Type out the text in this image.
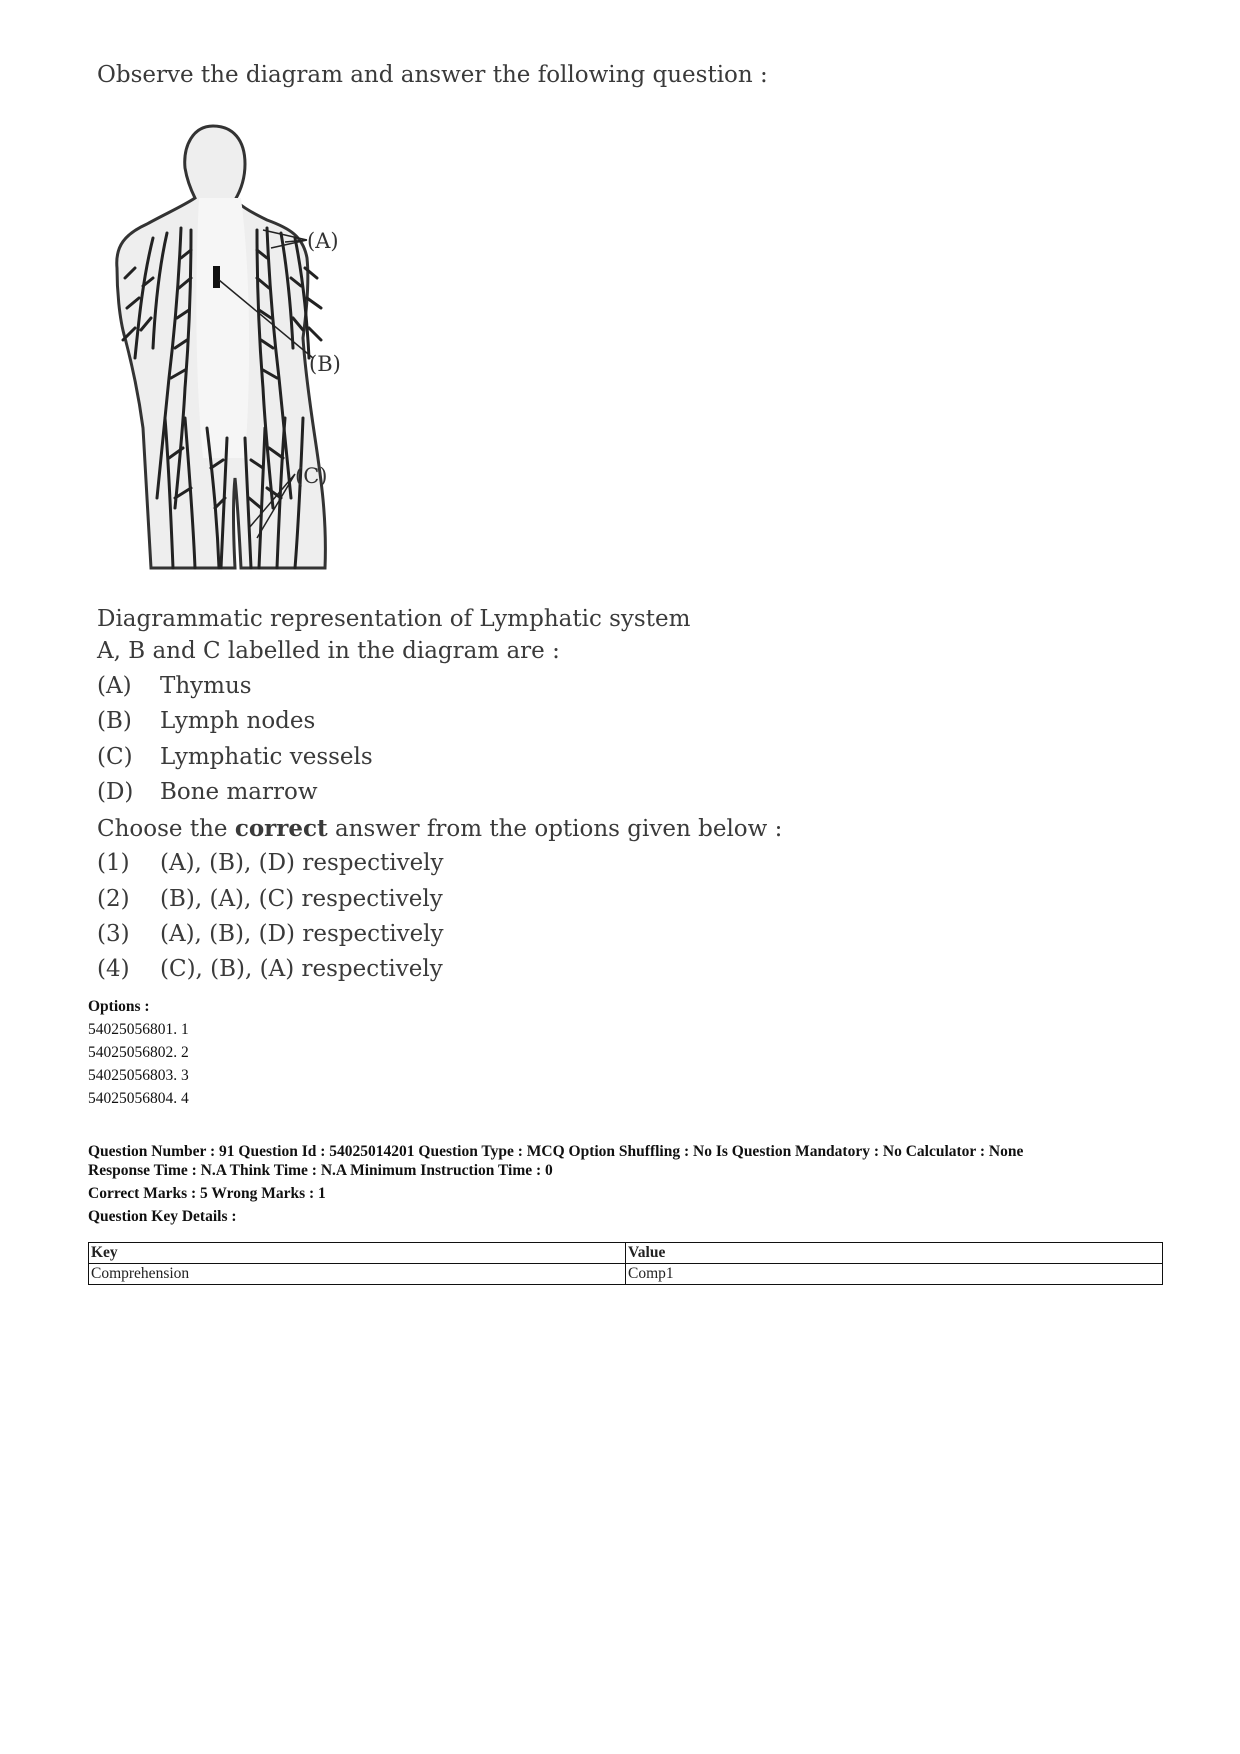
Observe the diagram and answer the following question :
(A)
(B)
(C)
Diagrammatic representation of Lymphatic system
A, B and C labelled in the diagram are :
(A) Thymus
(B) Lymph nodes
(C) Lymphatic vessels
(D) Bone marrow
Choose the correct answer from the options given below :
(1) (A), (B), (D) respectively
(2) (B), (A), (C) respectively
(3) (A), (B), (D) respectively
(4) (C), (B), (A) respectively
Options :
54025056801. 1
54025056802. 2
54025056803. 3
54025056804. 4
Question Number : 91 Question Id : 54025014201 Question Type : MCQ Option Shuffling : No Is Question Mandatory : No Calculator : None
Response Time : N.A Think Time : N.A Minimum Instruction Time : 0
Correct Marks : 5 Wrong Marks : 1
Question Key Details :
Key	Value
Comprehension	Comp1
